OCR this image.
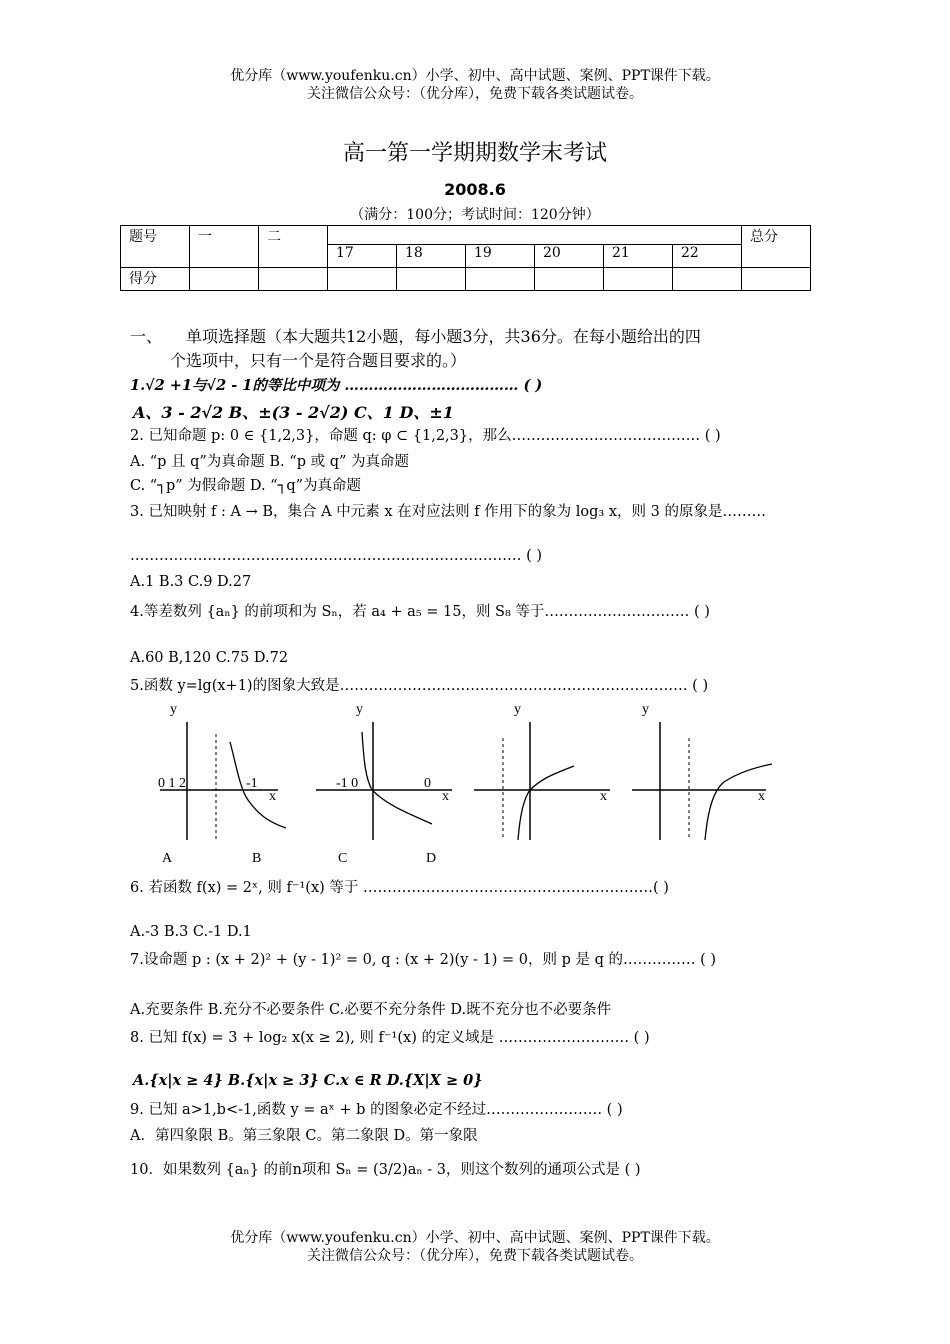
优分库（www.youfenku.cn）小学、初中、高中试题、案例、PPT课件下载。
关注微信公众号：（优分库），免费下载各类试题试卷。
高一第一学期期数学末考试
2008.6
（满分：100分；考试时间：120分钟）
题号	一	二							总分
			17	18	19	20	21	22	
得分									
一、　　单项选择题（本大题共12小题，每小题3分，共36分。在每小题给出的四
个选项中，只有一个是符合题目要求的。）
1.√2 +1与√2 - 1的等比中项为 ……………………………… ( )
A、3 - 2√2 B、±(3 - 2√2) C、1 D、±1
2. 已知命题 p: 0 ∈ {1,2,3}，命题 q: φ ⊂ {1,2,3}，那么………………………………… ( )
A. “p 且 q”为真命题 B. “p 或 q” 为真命题
C. “┐p” 为假命题 D. “┐q”为真命题
3. 已知映射 f : A → B，集合 A 中元素 x 在对应法则 f 作用下的象为 log₃ x，则 3 的原象是………
……………………………………………………………………… ( )
A.1 B.3 C.9 D.27
4.等差数列 {aₙ} 的前项和为 Sₙ，若 a₄ + a₅ = 15，则 S₈ 等于………………………… ( )
A.60 B,120 C.75 D.72
5.函数 y=lg(x+1)的图象大致是……………………………………………………………… ( )
y
0 1 2	-1
x
A
y
-1 0
x
B
y
0
x
C
y
x
D
6. 若函数 f(x) = 2ˣ, 则 f⁻¹(x) 等于 ……………………………………………………( )
A.-3 B.3 C.-1 D.1
7.设命题 p : (x + 2)² + (y - 1)² = 0, q : (x + 2)(y - 1) = 0，则 p 是 q 的…………… ( )
A.充要条件 B.充分不必要条件 C.必要不充分条件 D.既不充分也不必要条件
8. 已知 f(x) = 3 + log₂ x(x ≥ 2), 则 f⁻¹(x) 的定义域是 ……………………… ( )
A.{x|x ≥ 4} B.{x|x ≥ 3} C.x ∈ R D.{X|X ≥ 0}
9. 已知 a>1,b<-1,函数 y = aˣ + b 的图象必定不经过…………………… ( )
A．第四象限 B。第三象限 C。第二象限 D。第一象限
10．如果数列 {aₙ} 的前n项和 Sₙ = (3/2)aₙ - 3，则这个数列的通项公式是 ( )
优分库（www.youfenku.cn）小学、初中、高中试题、案例、PPT课件下载。
关注微信公众号：（优分库），免费下载各类试题试卷。
